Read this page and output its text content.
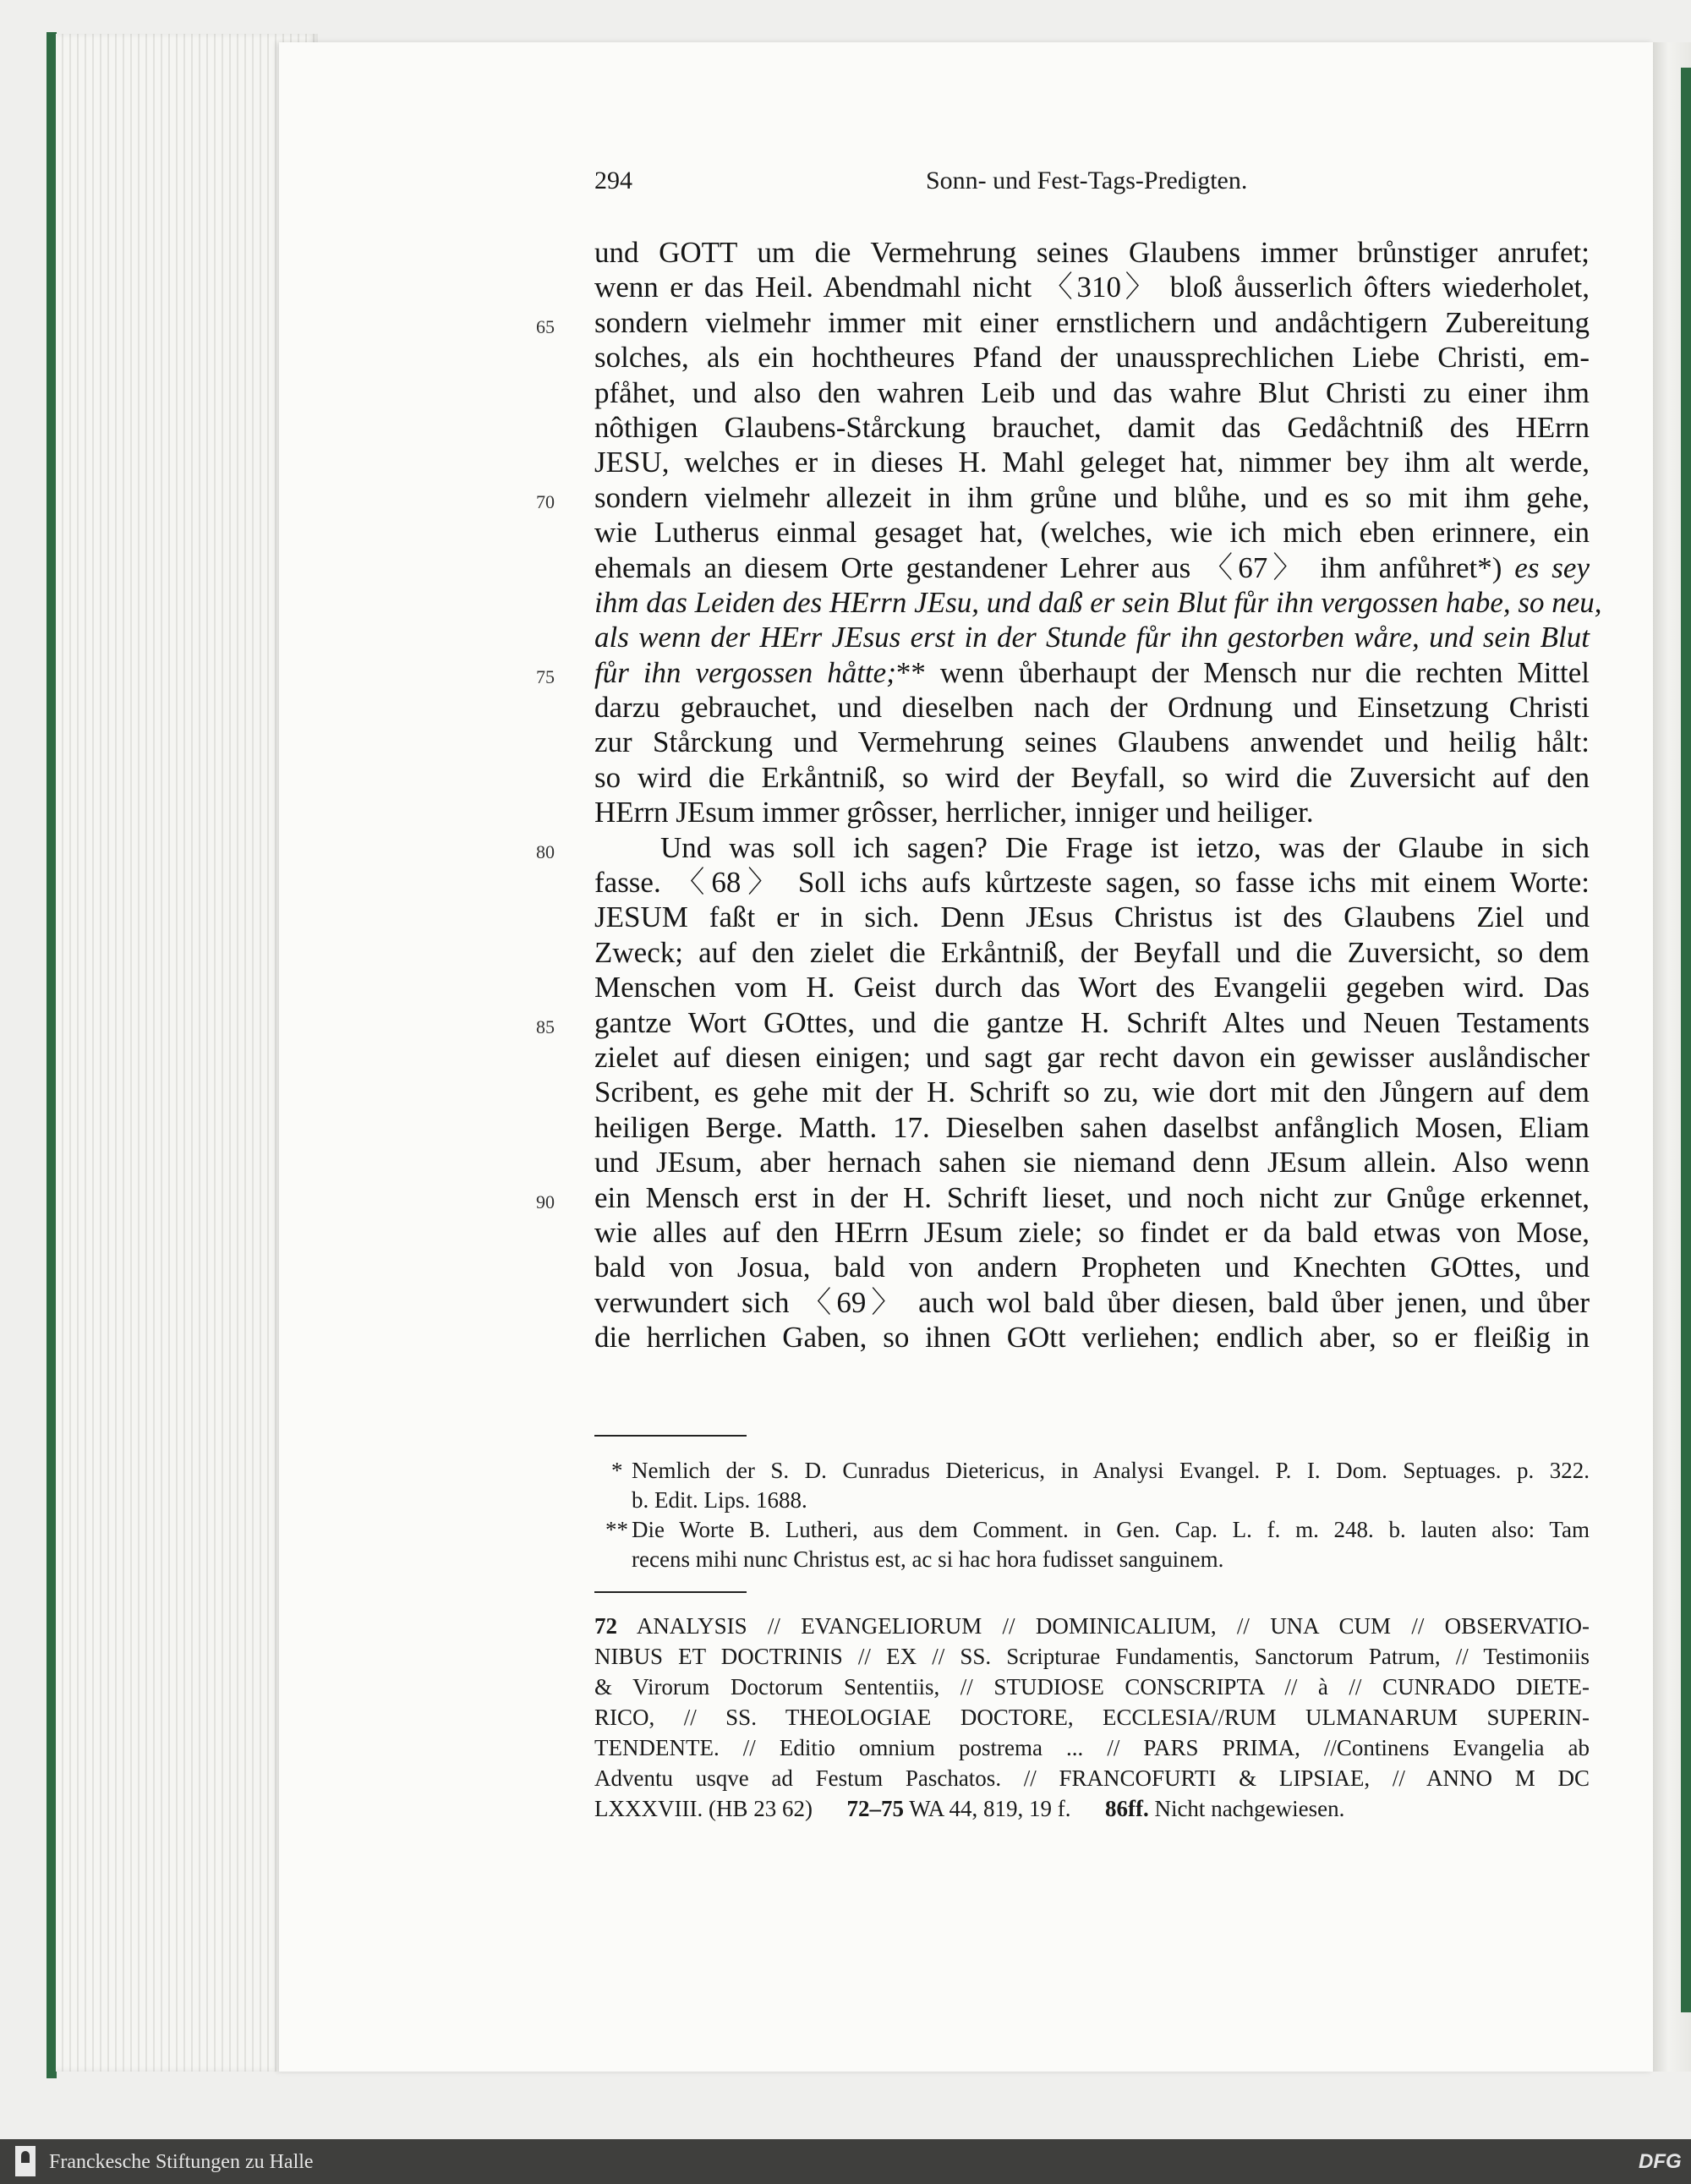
294	Sonn- und Fest-Tags-Predigten.
und GOTT um die Vermehrung seines Glaubens immer brůnstiger anrufet;
wenn er das Heil. Abendmahl nicht 〈310〉 bloß åusserlich ôfters wiederholet,
65 sondern vielmehr immer mit einer ernstlichern und andåchtigern Zubereitung
solches, als ein hochtheures Pfand der unaussprechlichen Liebe Christi, em-
pfåhet, und also den wahren Leib und das wahre Blut Christi zu einer ihm
nôthigen Glaubens-Stårckung brauchet, damit das Gedåchtniß des HErrn
JESU, welches er in dieses H. Mahl geleget hat, nimmer bey ihm alt werde,
70 sondern vielmehr allezeit in ihm grůne und blůhe, und es so mit ihm gehe,
wie Lutherus einmal gesaget hat, (welches, wie ich mich eben erinnere, ein
ehemals an diesem Orte gestandener Lehrer aus 〈67〉 ihm anfůhret*) es sey
ihm das Leiden des HErrn JEsu, und daß er sein Blut fůr ihn vergossen habe, so neu,
als wenn der HErr JEsus erst in der Stunde fůr ihn gestorben wåre, und sein Blut
75 fůr ihn vergossen håtte;** wenn ůberhaupt der Mensch nur die rechten Mittel
darzu gebrauchet, und dieselben nach der Ordnung und Einsetzung Christi
zur Stårckung und Vermehrung seines Glaubens anwendet und heilig hålt:
so wird die Erkåntniß, so wird der Beyfall, so wird die Zuversicht auf den
HErrn JEsum immer grôsser, herrlicher, inniger und heiliger.
80	Und was soll ich sagen? Die Frage ist ietzo, was der Glaube in sich
fasse. 〈68〉 Soll ichs aufs kůrtzeste sagen, so fasse ichs mit einem Worte:
JESUM faßt er in sich. Denn JEsus Christus ist des Glaubens Ziel und
Zweck; auf den zielet die Erkåntniß, der Beyfall und die Zuversicht, so dem
Menschen vom H. Geist durch das Wort des Evangelii gegeben wird. Das
85 gantze Wort GOttes, und die gantze H. Schrift Altes und Neuen Testaments
zielet auf diesen einigen; und sagt gar recht davon ein gewisser auslåndischer
Scribent, es gehe mit der H. Schrift so zu, wie dort mit den Jůngern auf dem
heiligen Berge. Matth. 17. Dieselben sahen daselbst anfånglich Mosen, Eliam
und JEsum, aber hernach sahen sie niemand denn JEsum allein. Also wenn
90 ein Mensch erst in der H. Schrift lieset, und noch nicht zur Gnůge erkennet,
wie alles auf den HErrn JEsum ziele; so findet er da bald etwas von Mose,
bald von Josua, bald von andern Propheten und Knechten GOttes, und
verwundert sich 〈69〉 auch wol bald ůber diesen, bald ůber jenen, und ůber
die herrlichen Gaben, so ihnen GOtt verliehen; endlich aber, so er fleißig in
* Nemlich der S. D. Cunradus Dietericus, in Analysi Evangel. P. I. Dom. Septuages. p. 322.
b. Edit. Lips. 1688.
** Die Worte B. Lutheri, aus dem Comment. in Gen. Cap. L. f. m. 248. b. lauten also: Tam
recens mihi nunc Christus est, ac si hac hora fudisset sanguinem.
72 ANALYSIS // EVANGELIORUM // DOMINICALIUM, // UNA CUM // OBSERVATIO-
NIBUS ET DOCTRINIS // EX // SS. Scripturae Fundamentis, Sanctorum Patrum, // Testimoniis
& Virorum Doctorum Sententiis, // STUDIOSE CONSCRIPTA // à // CUNRADO DIETE-
RICO, // SS. THEOLOGIAE DOCTORE, ECCLESIA//RUM ULMANARUM SUPERIN-
TENDENTE. // Editio omnium postrema ... // PARS PRIMA, //Continens Evangelia ab
Adventu usqve ad Festum Paschatos. // FRANCOFURTI & LIPSIAE, // ANNO M DC
LXXXVIII. (HB 23 62)      72–75 WA 44, 819, 19 f.      86ff. Nicht nachgewiesen.
Franckesche Stiftungen zu Halle	DFG
